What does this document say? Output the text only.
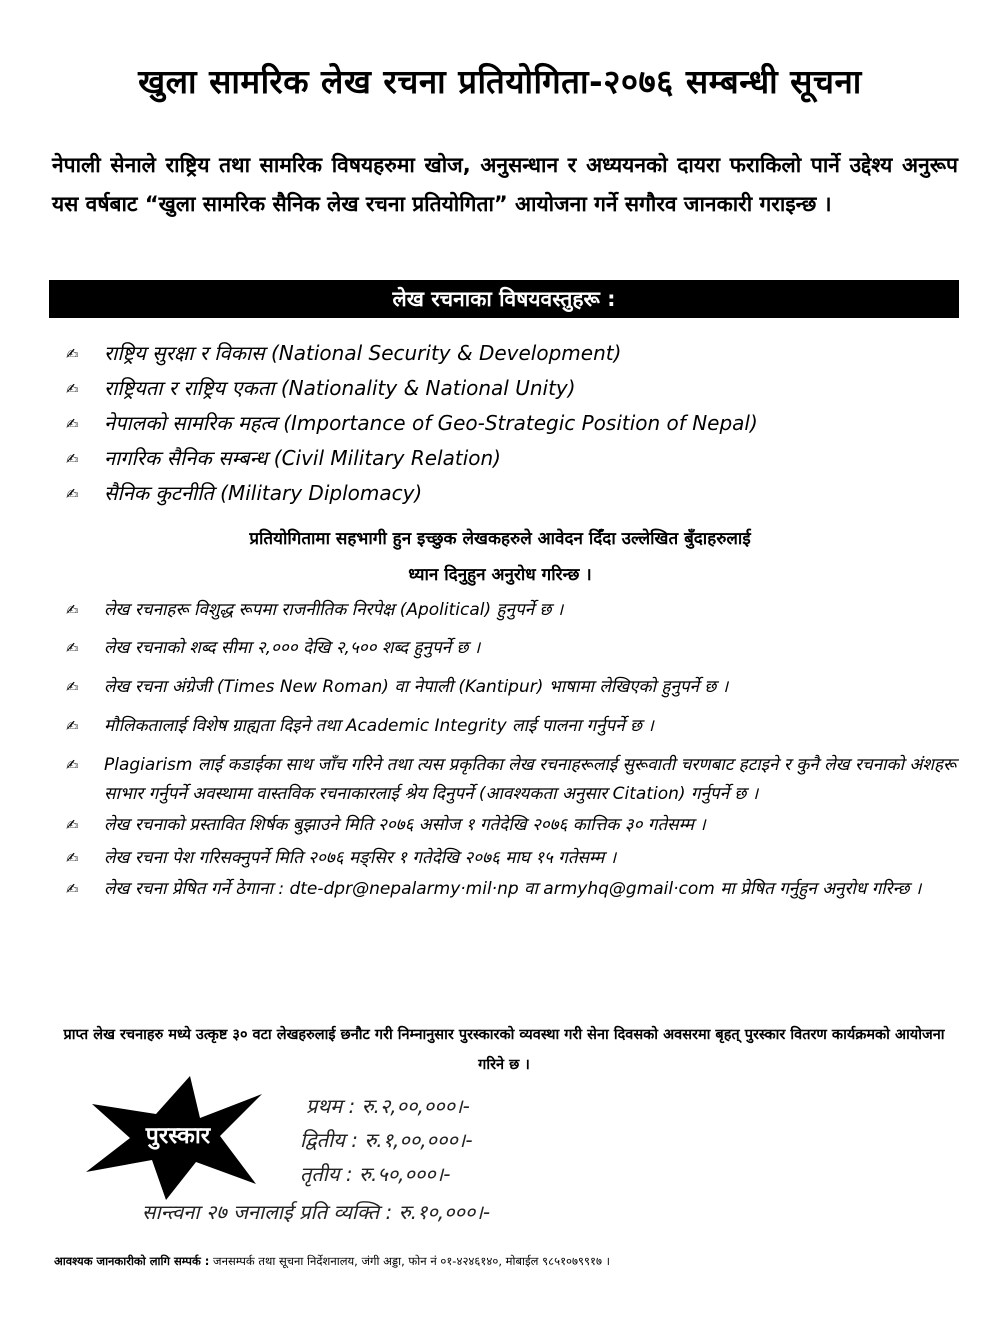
खुला सामरिक लेख रचना प्रतियोगिता-२०७६ सम्बन्धी सूचना
नेपाली सेनाले राष्ट्रिय तथा सामरिक विषयहरुमा खोज, अनुसन्धान र अध्ययनको दायरा फराकिलो पार्ने उद्देश्य अनुरूप यस वर्षबाट “खुला सामरिक सैनिक लेख रचना प्रतियोगिता” आयोजना गर्ने सगौरव जानकारी गराइन्छ ।
लेख रचनाका विषयवस्तुहरू :
✍ राष्ट्रिय सुरक्षा र विकास (National Security & Development)
✍ राष्ट्रियता र राष्ट्रिय एकता (Nationality & National Unity)
✍ नेपालको सामरिक महत्व (Importance of Geo-Strategic Position of Nepal)
✍ नागरिक सैनिक सम्बन्ध (Civil Military Relation)
✍ सैनिक कुटनीति (Military Diplomacy)
प्रतियोगितामा सहभागी हुन इच्छुक लेखकहरुले आवेदन दिँदा उल्लेखित बुँदाहरुलाई
ध्यान दिनुहुन अनुरोध गरिन्छ ।
✍	लेख रचनाहरू विशुद्ध रूपमा राजनीतिक निरपेक्ष (Apolitical) हुनुपर्ने छ ।
✍	लेख रचनाको शब्द सीमा २,००० देखि २,५०० शब्द हुनुपर्ने छ ।
✍	लेख रचना अंग्रेजी (Times New Roman) वा नेपाली (Kantipur) भाषामा लेखिएको हुनुपर्ने छ ।
✍	मौलिकतालाई विशेष ग्राह्यता दिइने तथा Academic Integrity लाई पालना गर्नुपर्ने छ ।
✍	Plagiarism लाई कडाईका साथ जाँच गरिने तथा त्यस प्रकृतिका लेख रचनाहरूलाई सुरूवाती चरणबाट हटाइने र कुनै लेख रचनाको अंशहरू साभार गर्नुपर्ने अवस्थामा वास्तविक रचनाकारलाई श्रेय दिनुपर्ने (आवश्यकता अनुसार Citation) गर्नुपर्ने छ ।
✍	लेख रचनाको प्रस्तावित शिर्षक बुझाउने मिति २०७६ असोज १ गतेदेखि २०७६ कात्तिक ३० गतेसम्म ।
✍	लेख रचना पेश गरिसक्नुपर्ने मिति २०७६ मङ्सिर १ गतेदेखि २०७६ माघ १५ गतेसम्म ।
✍	लेख रचना प्रेषित गर्ने ठेगाना : dte-dpr@nepalarmy·mil·np वा armyhq@gmail·com मा प्रेषित गर्नुहुन अनुरोध गरिन्छ ।
प्राप्त लेख रचनाहरु मध्ये उत्कृष्ट ३० वटा लेखहरुलाई छनौट गरी निम्नानुसार पुरस्कारको व्यवस्था गरी सेना दिवसको अवसरमा बृहत् पुरस्कार वितरण कार्यक्रमको आयोजना गरिने छ ।
पुरस्कार
प्रथम : रु.२,००,०००।-
द्वितीय : रु.१,००,०००।-
तृतीय : रु.५०,०००।-
सान्त्वना २७ जनालाई प्रति व्यक्ति : रु.१०,०००।-
आवश्यक जानकारीको लागि सम्पर्क : जनसम्पर्क तथा सूचना निर्देशनालय, जंगी अड्डा, फोन नं ०१-४२४६१४०, मोबाईल ९८५१०७९९१७ ।
